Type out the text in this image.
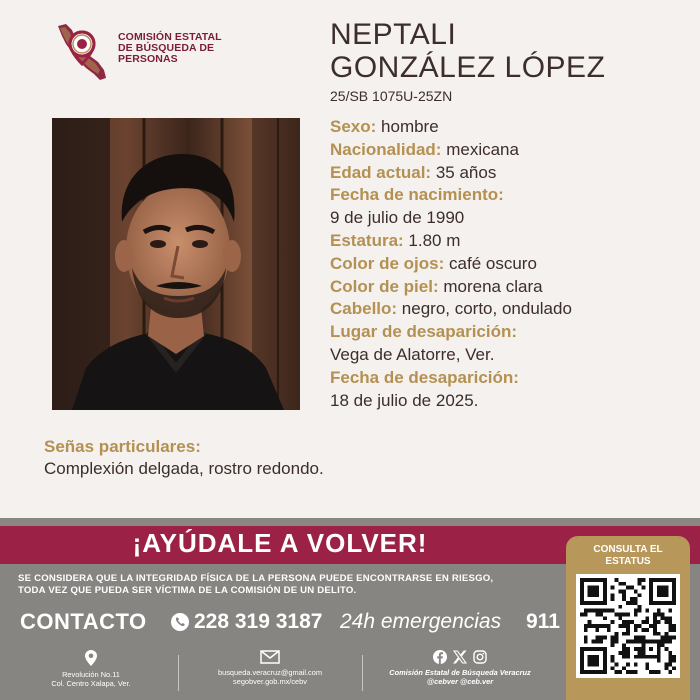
COMISIÓN ESTATAL
DE BÚSQUEDA DE
PERSONAS
NEPTALI
GONZÁLEZ LÓPEZ
25/SB 1075U-25ZN
Sexo: hombre
Nacionalidad: mexicana
Edad actual: 35 años
Fecha de nacimiento:
9 de julio de 1990
Estatura: 1.80 m
Color de ojos: café oscuro
Color de piel: morena clara
Cabello: negro, corto, ondulado
Lugar de desaparición:
Vega de Alatorre, Ver.
Fecha de desaparición:
18 de julio de 2025.
Señas particulares:
Complexión delgada, rostro redondo.
¡AYÚDALE A VOLVER!
SE CONSIDERA QUE LA INTEGRIDAD FÍSICA DE LA PERSONA PUEDE ENCONTRARSE EN RIESGO,
TODA VEZ QUE PUEDA SER VÍCTIMA DE LA COMISIÓN DE UN DELITO.
CONTACTO 228 319 3187 24h emergencias 911
Revolución No.11
Col. Centro Xalapa, Ver.
busqueda.veracruz@gmail.com
segobver.gob.mx/cebv
Comisión Estatal de Búsqueda Veracruz
@cebver @ceb.ver
CONSULTA EL
ESTATUS
